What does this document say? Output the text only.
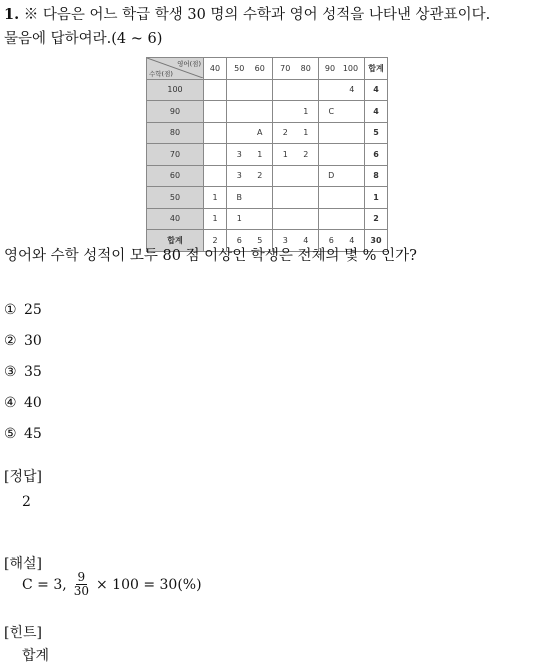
1. ※ 다음은 어느 학급 학생 30 명의 수학과 영어 성적을 나타낸 상관표이다.
물음에 답하여라.(4 ~ 6)
영어(점)
수학(점)	40	50 60	70 80	90 100	합계
100				4	4
90			1	C	4
80		A	2 1		5
70		3 1	1 2		6
60		3 2		D	8
50	1	B			1
40	1	1			2
합계	2	6 5	3 4	6 4	30
영어와 수학 성적이 모두 80 점 이상인 학생은 전체의 몇 % 인가?
① 25
② 30
③ 35
④ 40
⑤ 45
[정답]
2
[해설]
C = 3, $\frac{9}{30} \times 100 = 30(\%)$
[힌트]
합계
